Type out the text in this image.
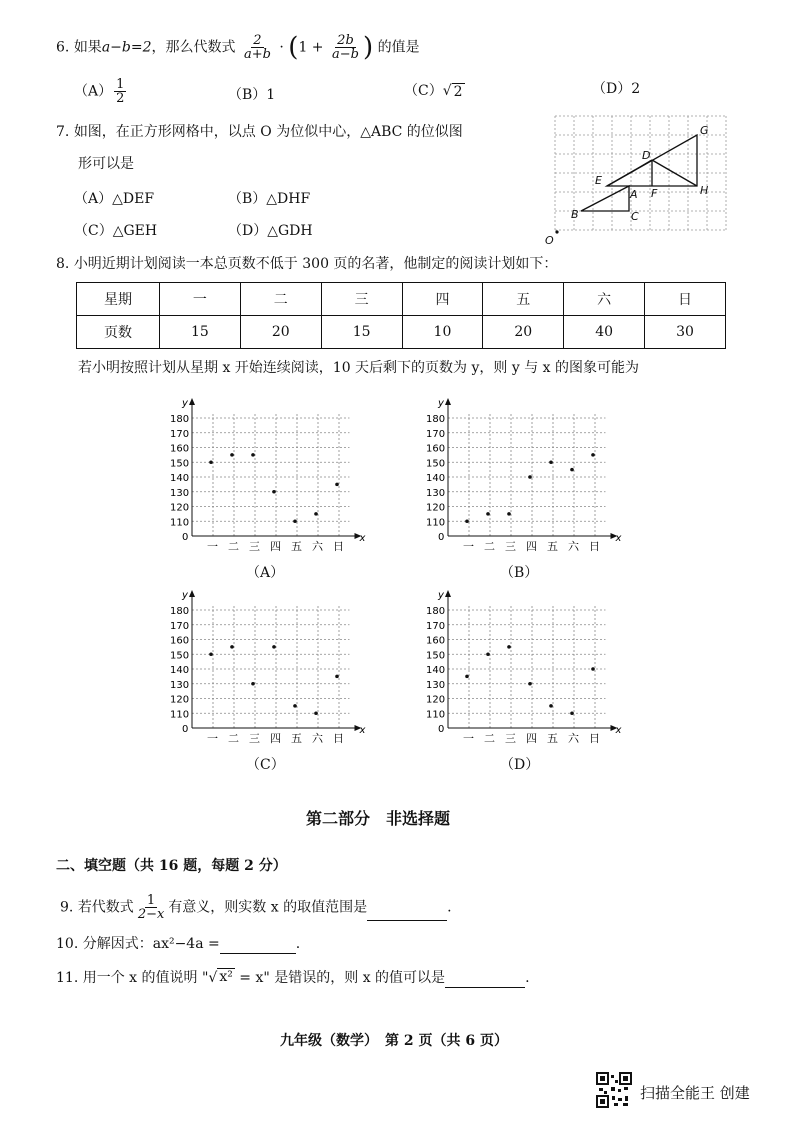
6. 如果a−b=2，那么代数式 $\frac{2}{a+b} \cdot (1 + \frac{2b}{a-b}$ ) 的值是
$(A) \frac{1}{2}$	（B）1	（C） √ 2	（D）2
7. 如图，在正方形网格中，以点 O 为位似中心，△ABC 的位似图
形可以是
（A）△DEF	（B）△DHF
（C）△GEH	（D）△GDH
G
D
E
A F	H
B	C
O
8. 小明近期计划阅读一本总页数不低于 300 页的名著，他制定的阅读计划如下：
星期	一	二	三	四	五	六	日
页数	15	20	15	10	20	40	30
若小明按照计划从星期 x 开始连续阅读，10 天后剩下的页数为 y，则 y 与 x 的图象可能为
x
y
0
110
120
130
140
150
160
170
180
一 二 三 四 五 六 日
（A）
x
y
0
110
120
130
140
150
160
170
180
一 二 三 四 五 六 日
（B）
x
y
0
110
120
130
140
150
160
170
180
一 二 三 四 五 六 日
（C）
x
y
0
110
120
130
140
150
160
170
180
一 二 三 四 五 六 日
（D）
第二部分　非选择题
二、填空题（共 16 题，每题 2 分）
9. 若代数式 $\frac{1}{2-x}$ 有意义，则实数 x 的取值范围是	.
10. 分解因式：ax²−4a =	.
11. 用一个 x 的值说明 " √ x² = x" 是错误的，则 x 的值可以是	.
九年级（数学）　第 2 页（共 6 页）
扫描全能王 创建
